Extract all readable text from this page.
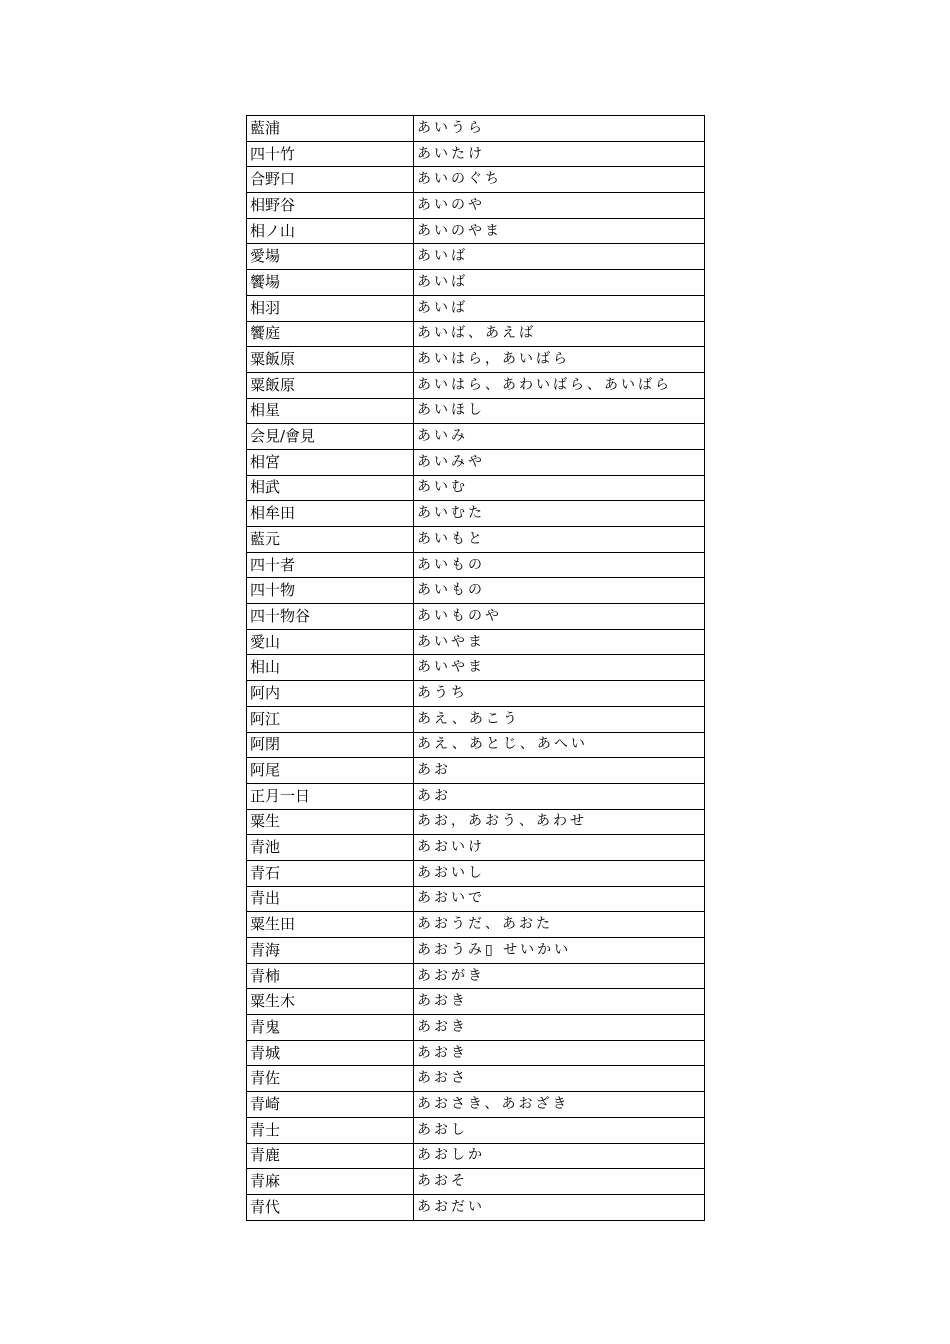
藍浦	あいうら
四十竹	あいたけ
合野口	あいのぐち
相野谷	あいのや
相ノ山	あいのやま
愛場	あいば
饗場	あいば
相羽	あいば
饗庭	あいば、あえば
粟飯原	あいはら，あいばら
粟飯原	あいはら、あわいばら、あいばら
相星	あいほし
会見/會見	あいみ
相宮	あいみや
相武	あいむ
相牟田	あいむた
藍元	あいもと
四十者	あいもの
四十物	あいもの
四十物谷	あいものや
愛山	あいやま
相山	あいやま
阿内	あうち
阿江	あえ、あこう
阿閉	あえ、あとじ、あへい
阿尾	あお
正月一日	あお
粟生	あお，あおう、あわせ
青池	あおいけ
青石	あおいし
青出	あおいで
粟生田	あおうだ、あおた
青海	あおうみ▯ せいかい
青柿	あおがき
粟生木	あおき
青鬼	あおき
青城	あおき
青佐	あおさ
青崎	あおさき、あおざき
青士	あおし
青鹿	あおしか
青麻	あおそ
青代	あおだい
